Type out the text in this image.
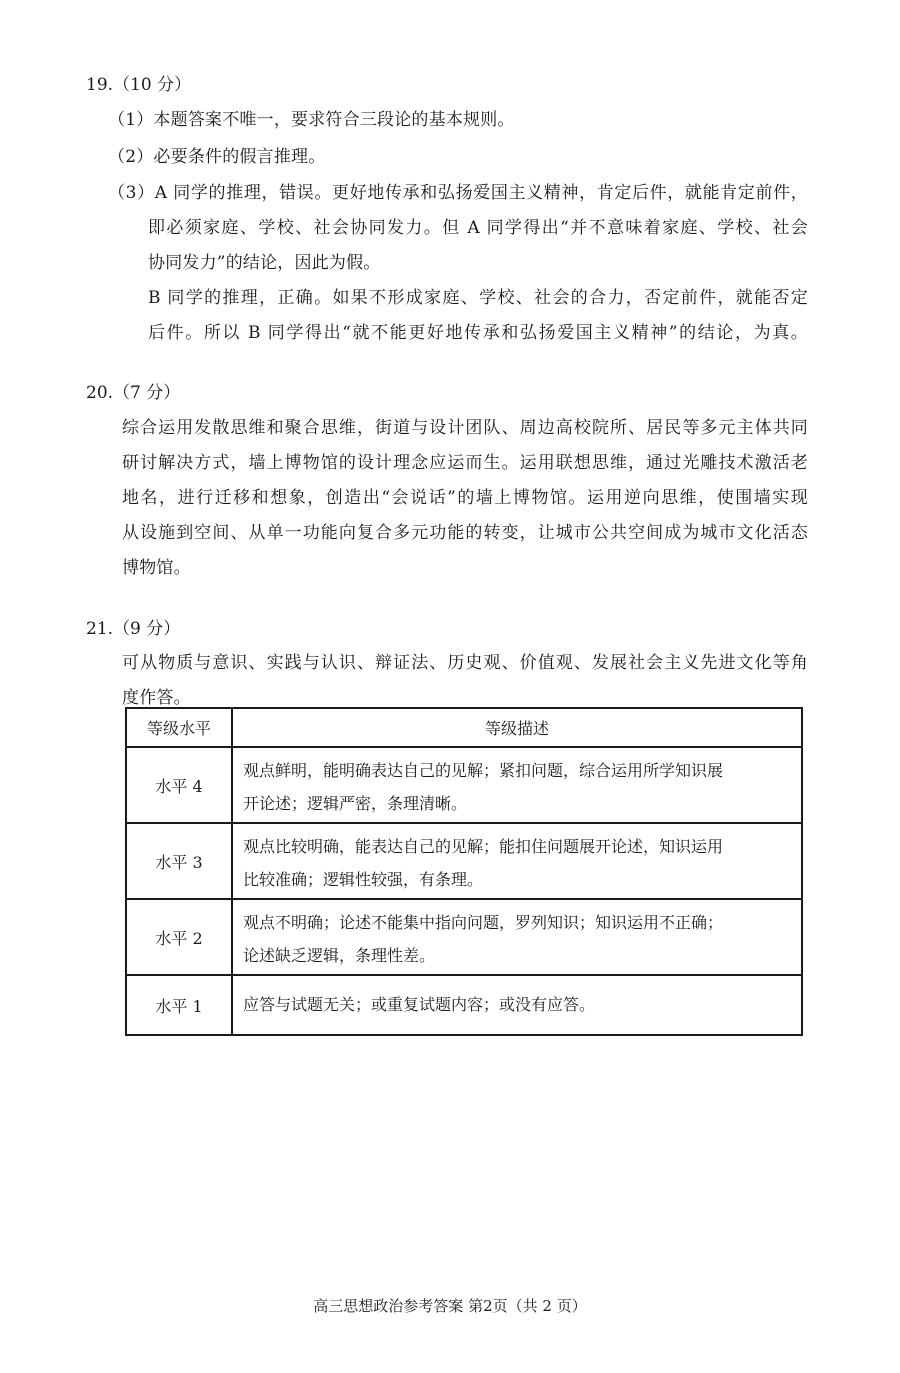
19.（10 分）
（1）本题答案不唯一，要求符合三段论的基本规则。
（2）必要条件的假言推理。
（3）A 同学的推理，错误。更好地传承和弘扬爱国主义精神，肯定后件，就能肯定前件，
即必须家庭、学校、社会协同发力。但 A 同学得出“并不意味着家庭、学校、社会
协同发力”的结论，因此为假。
B 同学的推理，正确。如果不形成家庭、学校、社会的合力，否定前件，就能否定
后件。所以 B 同学得出“就不能更好地传承和弘扬爱国主义精神”的结论，为真。
20.（7 分）
综合运用发散思维和聚合思维，街道与设计团队、周边高校院所、居民等多元主体共同
研讨解决方式，墙上博物馆的设计理念应运而生。运用联想思维，通过光雕技术激活老
地名，进行迁移和想象，创造出“会说话”的墙上博物馆。运用逆向思维，使围墙实现
从设施到空间、从单一功能向复合多元功能的转变，让城市公共空间成为城市文化活态
博物馆。
21.（9 分）
可从物质与意识、实践与认识、辩证法、历史观、价值观、发展社会主义先进文化等角
度作答。
等级水平	等级描述
水平 4	观点鲜明，能明确表达自己的见解；紧扣问题，综合运用所学知识展
开论述；逻辑严密，条理清晰。

水平 3	观点比较明确，能表达自己的见解；能扣住问题展开论述，知识运用
比较准确；逻辑性较强，有条理。

水平 2	观点不明确；论述不能集中指向问题，罗列知识；知识运用不正确；
论述缺乏逻辑，条理性差。

水平 1	应答与试题无关；或重复试题内容；或没有应答。
高三思想政治参考答案 第2页（共 2 页）
